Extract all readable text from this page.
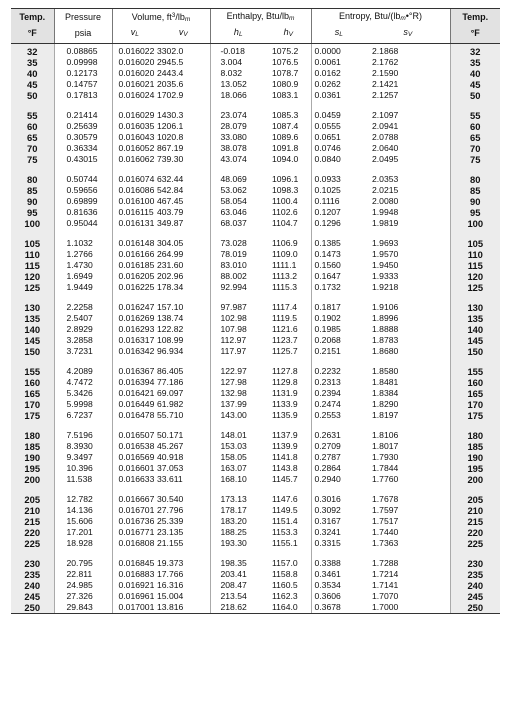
Temp.	Pressure	Volume, $ft^3/lb_m$		Enthalpy, Btu/$lb_m$		Entropy, Btu/$(lb_m•^\circ R)$		Temp.
°F	psia	$v_L$	$v_V$	$h_L$	$h_V$	$s_L$	$s_V$	°F
32	0.08865	0.016022	3302.0	-0.018	1075.2	0.0000	2.1868	32
35	0.09998	0.016020	2945.5	3.004	1076.5	0.0061	2.1762	35
40	0.12173	0.016020	2443.4	8.032	1078.7	0.0162	2.1590	40
45	0.14757	0.016021	2035.6	13.052	1080.9	0.0262	2.1421	45
50	0.17813	0.016024	1702.9	18.066	1083.1	0.0361	2.1257	50

55	0.21414	0.016029	1430.3	23.074	1085.3	0.0459	2.1097	55
60	0.25639	0.016035	1206.1	28.079	1087.4	0.0555	2.0941	60
65	0.30579	0.016043	1020.8	33.080	1089.6	0.0651	2.0788	65
70	0.36334	0.016052	867.19	38.078	1091.8	0.0746	2.0640	70
75	0.43015	0.016062	739.30	43.074	1094.0	0.0840	2.0495	75

80	0.50744	0.016074	632.44	48.069	1096.1	0.0933	2.0353	80
85	0.59656	0.016086	542.84	53.062	1098.3	0.1025	2.0215	85
90	0.69899	0.016100	467.45	58.054	1100.4	0.1116	2.0080	90
95	0.81636	0.016115	403.79	63.046	1102.6	0.1207	1.9948	95
100	0.95044	0.016131	349.87	68.037	1104.7	0.1296	1.9819	100

105	1.1032	0.016148	304.05	73.028	1106.9	0.1385	1.9693	105
110	1.2766	0.016166	264.99	78.019	1109.0	0.1473	1.9570	110
115	1.4730	0.016185	231.60	83.010	1111.1	0.1560	1.9450	115
120	1.6949	0.016205	202.96	88.002	1113.2	0.1647	1.9333	120
125	1.9449	0.016225	178.34	92.994	1115.3	0.1732	1.9218	125

130	2.2258	0.016247	157.10	97.987	1117.4	0.1817	1.9106	130
135	2.5407	0.016269	138.74	102.98	1119.5	0.1902	1.8996	135
140	2.8929	0.016293	122.82	107.98	1121.6	0.1985	1.8888	140
145	3.2858	0.016317	108.99	112.97	1123.7	0.2068	1.8783	145
150	3.7231	0.016342	96.934	117.97	1125.7	0.2151	1.8680	150

155	4.2089	0.016367	86.405	122.97	1127.8	0.2232	1.8580	155
160	4.7472	0.016394	77.186	127.98	1129.8	0.2313	1.8481	160
165	5.3426	0.016421	69.097	132.98	1131.9	0.2394	1.8384	165
170	5.9998	0.016449	61.982	137.99	1133.9	0.2474	1.8290	170
175	6.7237	0.016478	55.710	143.00	1135.9	0.2553	1.8197	175

180	7.5196	0.016507	50.171	148.01	1137.9	0.2631	1.8106	180
185	8.3930	0.016538	45.267	153.03	1139.9	0.2709	1.8017	185
190	9.3497	0.016569	40.918	158.05	1141.8	0.2787	1.7930	190
195	10.396	0.016601	37.053	163.07	1143.8	0.2864	1.7844	195
200	11.538	0.016633	33.611	168.10	1145.7	0.2940	1.7760	200

205	12.782	0.016667	30.540	173.13	1147.6	0.3016	1.7678	205
210	14.136	0.016701	27.796	178.17	1149.5	0.3092	1.7597	210
215	15.606	0.016736	25.339	183.20	1151.4	0.3167	1.7517	215
220	17.201	0.016771	23.135	188.25	1153.3	0.3241	1.7440	220
225	18.928	0.016808	21.155	193.30	1155.1	0.3315	1.7363	225

230	20.795	0.016845	19.373	198.35	1157.0	0.3388	1.7288	230
235	22.811	0.016883	17.766	203.41	1158.8	0.3461	1.7214	235
240	24.985	0.016921	16.316	208.47	1160.5	0.3534	1.7141	240
245	27.326	0.016961	15.004	213.54	1162.3	0.3606	1.7070	245
250	29.843	0.017001	13.816	218.62	1164.0	0.3678	1.7000	250
